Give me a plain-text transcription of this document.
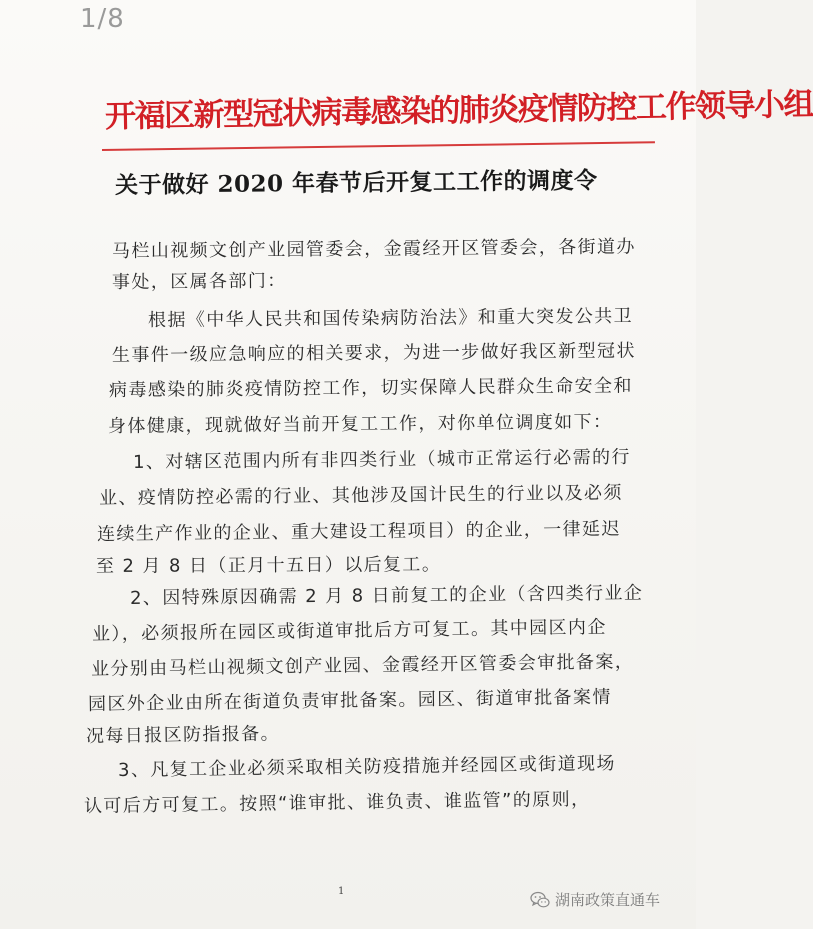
1/8
开福区新型冠状病毒感染的肺炎疫情防控工作领导小组
关于做好 2020 年春节后开复工工作的调度令
马栏山视频文创产业园管委会，金霞经开区管委会，各街道办
事处，区属各部门：
根据《中华人民共和国传染病防治法》和重大突发公共卫
生事件一级应急响应的相关要求，为进一步做好我区新型冠状
病毒感染的肺炎疫情防控工作，切实保障人民群众生命安全和
身体健康，现就做好当前开复工工作，对你单位调度如下：
1、对辖区范围内所有非四类行业（城市正常运行必需的行
业、疫情防控必需的行业、其他涉及国计民生的行业以及必须
连续生产作业的企业、重大建设工程项目）的企业，一律延迟
至 2 月 8 日（正月十五日）以后复工。
2、因特殊原因确需 2 月 8 日前复工的企业（含四类行业企
业），必须报所在园区或街道审批后方可复工。其中园区内企
业分别由马栏山视频文创产业园、金霞经开区管委会审批备案，
园区外企业由所在街道负责审批备案。园区、街道审批备案情
况每日报区防指报备。
3、凡复工企业必须采取相关防疫措施并经园区或街道现场
认可后方可复工。按照“谁审批、谁负责、谁监管”的原则，
1	湖南政策直通车
